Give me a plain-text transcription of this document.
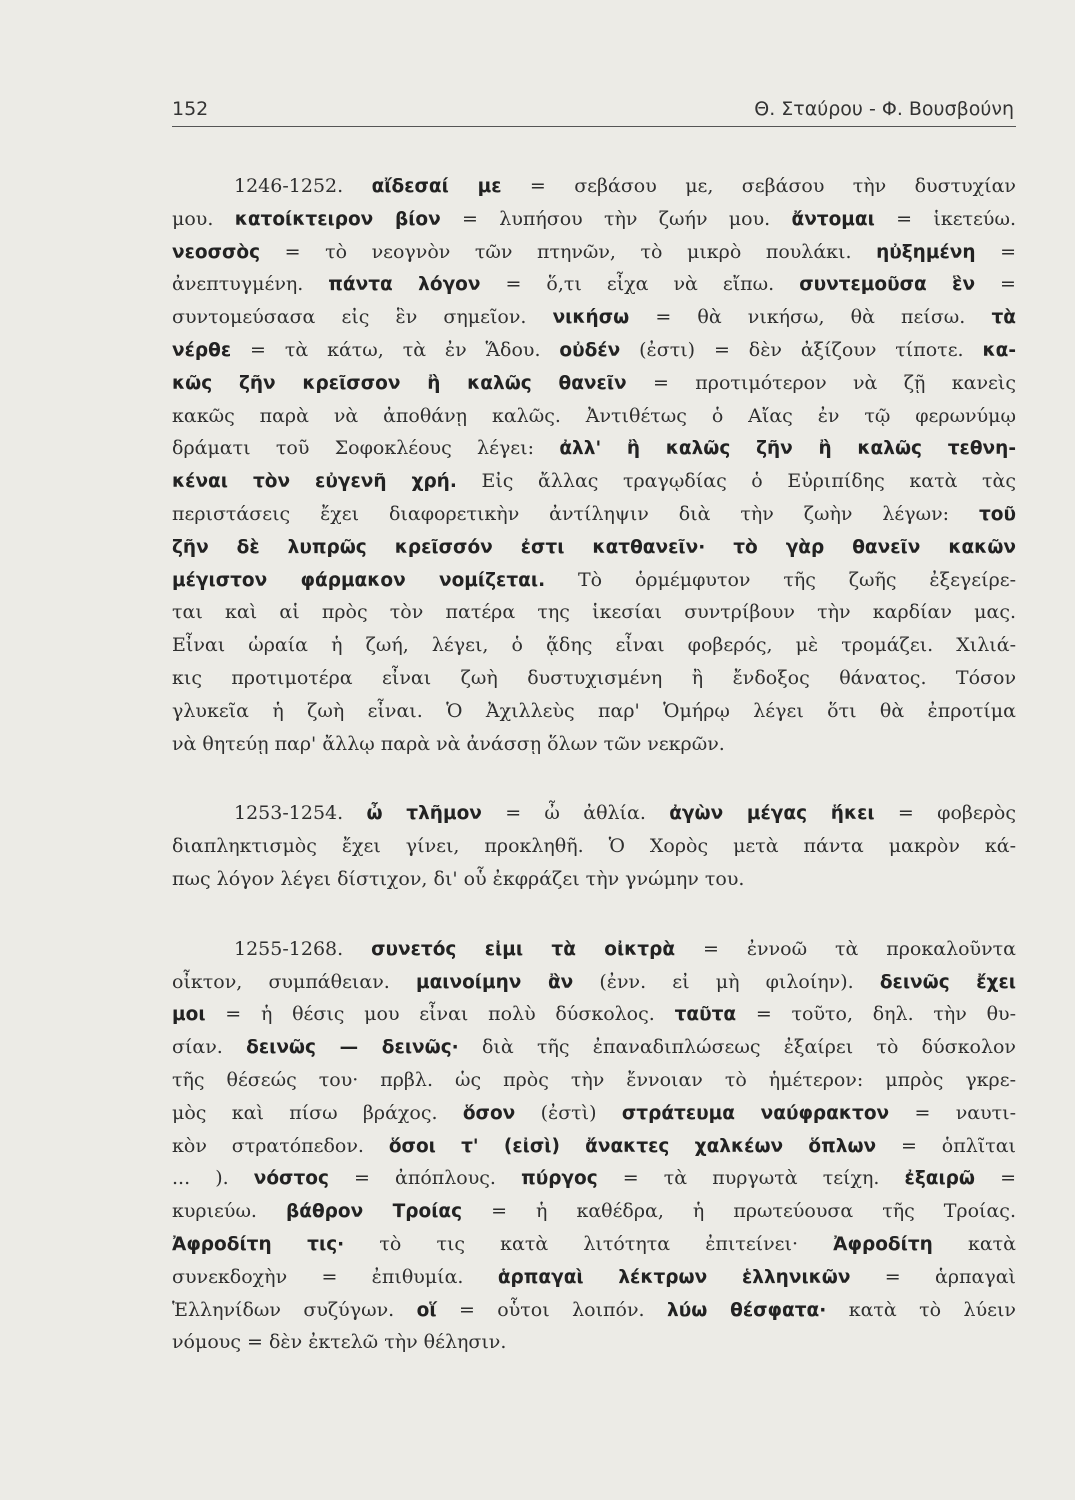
152	Θ. Σταύρου - Φ. Βουσβούνη
1246-1252. αἴδεσαί με = σεβάσου με, σεβάσου τὴν δυστυχίαν
μου. κατοίκτειρον βίον = λυπήσου τὴν ζωήν μου. ἄντομαι = ἱκετεύω.
νεοσσὸς = τὸ νεογνὸν τῶν πτηνῶν, τὸ μικρὸ πουλάκι. ηὐξημένη =
ἀνεπτυγμένη. πάντα λόγον = ὅ,τι εἶχα νὰ εἴπω. συντεμοῦσα ἓν =
συντομεύσασα εἰς ἓν σημεῖον. νικήσω = θὰ νικήσω, θὰ πείσω. τὰ
νέρθε = τὰ κάτω, τὰ ἐν Ἅδου. οὐδέν (ἐστι) = δὲν ἀξίζουν τίποτε. κα-
κῶς ζῆν κρεῖσσον ἢ καλῶς θανεῖν = προτιμότερον νὰ ζῇ κανεὶς
κακῶς παρὰ νὰ ἀποθάνῃ καλῶς. Ἀντιθέτως ὁ Αἴας ἐν τῷ φερωνύμῳ
δράματι τοῦ Σοφοκλέους λέγει: ἀλλ' ἢ καλῶς ζῆν ἢ καλῶς τεθνη-
κέναι τὸν εὐγενῆ χρή. Εἰς ἄλλας τραγῳδίας ὁ Εὐριπίδης κατὰ τὰς
περιστάσεις ἔχει διαφορετικὴν ἀντίληψιν διὰ τὴν ζωὴν λέγων: τοῦ
ζῆν δὲ λυπρῶς κρεῖσσόν ἐστι κατθανεῖν· τὸ γὰρ θανεῖν κακῶν
μέγιστον φάρμακον νομίζεται. Τὸ ὁρμέμφυτον τῆς ζωῆς ἐξεγείρε-
ται καὶ αἱ πρὸς τὸν πατέρα της ἱκεσίαι συντρίβουν τὴν καρδίαν μας.
Εἶναι ὡραία ἡ ζωή, λέγει, ὁ ᾅδης εἶναι φοβερός, μὲ τρομάζει. Χιλιά-
κις προτιμοτέρα εἶναι ζωὴ δυστυχισμένη ἢ ἔνδοξος θάνατος. Τόσον
γλυκεῖα ἡ ζωὴ εἶναι. Ὁ Ἀχιλλεὺς παρ' Ὁμήρῳ λέγει ὅτι θὰ ἐπροτίμα
νὰ θητεύῃ παρ' ἄλλῳ παρὰ νὰ ἀνάσσῃ ὅλων τῶν νεκρῶν.
1253-1254. ὦ τλῆμον = ὦ ἀθλία. ἀγὼν μέγας ἥκει = φοβερὸς
διαπληκτισμὸς ἔχει γίνει, προκληθῆ. Ὁ Χορὸς μετὰ πάντα μακρὸν κά-
πως λόγον λέγει δίστιχον, δι' οὗ ἐκφράζει τὴν γνώμην του.
1255-1268. συνετός εἰμι τὰ οἰκτρὰ = ἐννοῶ τὰ προκαλοῦντα
οἶκτον, συμπάθειαν. μαινοίμην ἂν (ἐνν. εἰ μὴ φιλοίην). δεινῶς ἔχει
μοι = ἡ θέσις μου εἶναι πολὺ δύσκολος. ταῦτα = τοῦτο, δηλ. τὴν θυ-
σίαν. δεινῶς — δεινῶς· διὰ τῆς ἐπαναδιπλώσεως ἐξαίρει τὸ δύσκολον
τῆς θέσεώς του· πρβλ. ὡς πρὸς τὴν ἔννοιαν τὸ ἡμέτερον: μπρὸς γκρε-
μὸς καὶ πίσω βράχος. ὅσον (ἐστὶ) στράτευμα ναύφρακτον = ναυτι-
κὸν στρατόπεδον. ὅσοι τ' (εἰσὶ) ἄνακτες χαλκέων ὅπλων = ὁπλῖται
... ). νόστος = ἀπόπλους. πύργος = τὰ πυργωτὰ τείχη. ἐξαιρῶ =
κυριεύω. βάθρον Τροίας = ἡ καθέδρα, ἡ πρωτεύουσα τῆς Τροίας.
Ἀφροδίτη τις· τὸ τις κατὰ λιτότητα ἐπιτείνει· Ἀφροδίτη κατὰ
συνεκδοχὴν = ἐπιθυμία. ἁρπαγαὶ λέκτρων ἑλληνικῶν = ἁρπαγαὶ
Ἑλληνίδων συζύγων. οἵ = οὗτοι λοιπόν. λύω θέσφατα· κατὰ τὸ λύειν
νόμους = δὲν ἐκτελῶ τὴν θέλησιν.
